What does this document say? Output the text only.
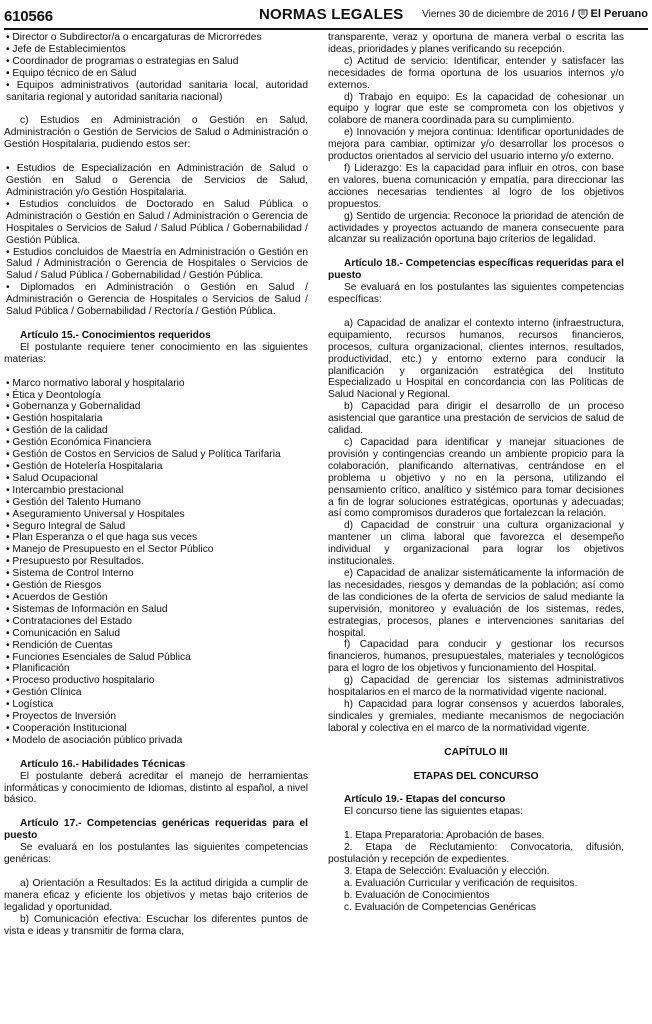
610566	NORMAS LEGALES Viernes 30 de diciembre de 2016 / El Peruano
• Director o Subdirector/a o encargaturas de Microrredes
• Jefe de Establecimientos
• Coordinador de programas o estrategias en Salud
• Equipo técnico de en Salud
• Equipos administrativos (autoridad sanitaria local, autoridad sanitaria regional y autoridad sanitaria nacional)

c) Estudios en Administración o Gestión en Salud, Administración o Gestión de Servicios de Salud o Administración o Gestión Hospitalaria, pudiendo estos ser:

• Estudios de Especialización en Administración de Salud o Gestión en Salud o Gerencia de Servicios de Salud, Administración y/o Gestión Hospitalaria.
• Estudios concluidos de Doctorado en Salud Pública o Administración o Gestión en Salud / Administración o Gerencia de Hospitales o Servicios de Salud / Salud Pública / Gobernabilidad / Gestión Pública.
• Estudios concluidos de Maestría en Administración o Gestión en Salud / Administración o Gerencia de Hospitales o Servicios de Salud / Salud Pública / Gobernabilidad / Gestión Pública.
• Diplomados en Administración o Gestión en Salud / Administración o Gerencia de Hospitales o Servicios de Salud / Salud Pública / Gobernabilidad / Rectoría / Gestión Pública.

Artículo 15.- Conocimientos requeridos

El postulante requiere tener conocimiento en las siguientes materias:

• Marco normativo laboral y hospitalario
• Ética y Deontología
• Gobernanza y Gobernalidad
• Gestión hospitalaria
• Gestión de la calidad
• Gestión Económica Financiera
• Gestión de Costos en Servicios de Salud y Política Tarifaria
• Gestión de Hotelería Hospitalaria
• Salud Ocupacional
• Intercambio prestacional
• Gestión del Talento Humano
• Aseguramiento Universal y Hospitales
• Seguro Integral de Salud
• Plan Esperanza o el que haga sus veces
• Manejo de Presupuesto en el Sector Público
• Presupuesto por Resultados.
• Sistema de Control Interno
• Gestión de Riesgos
• Acuerdos de Gestión
• Sistemas de Información en Salud
• Contrataciones del Estado
• Comunicación en Salud
• Rendición de Cuentas
• Funciones Esenciales de Salud Pública
• Planificación
• Proceso productivo hospitalario
• Gestión Clínica
• Logística
• Proyectos de Inversión
• Cooperación Institucional
• Modelo de asociación público privada

Artículo 16.- Habilidades Técnicas

El postulante deberá acreditar el manejo de herramientas informáticas y conocimiento de Idiomas, distinto al español, a nivel básico.

Artículo 17.- Competencias genéricas requeridas para el puesto

Se evaluará en los postulantes las siguientes competencias genéricas:

a) Orientación a Resultados: Es la actitud dirigida a cumplir de manera eficaz y eficiente los objetivos y metas bajo criterios de legalidad y oportunidad.

b) Comunicación efectiva: Escuchar los diferentes puntos de vista e ideas y transmitir de forma clara,

transparente, veraz y oportuna de manera verbal o escrita las ideas, prioridades y planes verificando su recepción.

c) Actitud de servicio: Identificar, entender y satisfacer las necesidades de forma oportuna de los usuarios internos y/o externos.

d) Trabajo en equipo: Es la capacidad de cohesionar un equipo y lograr que este se comprometa con los objetivos y colabore de manera coordinada para su cumplimiento.

e) Innovación y mejora continua: Identificar oportunidades de mejora para cambiar, optimizar y/o desarrollar los procesos o productos orientados al servicio del usuario interno y/o externo.

f) Liderazgo: Es la capacidad para influir en otros, con base en valores, buena comunicación y empatía, para direccionar las acciones necesarias tendientes al logro de los objetivos propuestos.

g) Sentido de urgencia: Reconoce la prioridad de atención de actividades y proyectos actuando de manera consecuente para alcanzar su realización oportuna bajo criterios de legalidad.

Artículo 18.- Competencias específicas requeridas para el puesto

Se evaluará en los postulantes las siguientes competencias específicas:

a) Capacidad de analizar el contexto interno (infraestructura, equipamiento, recursos humanos, recursos financieros, procesos, cultura organizacional, clientes internos, resultados, productividad, etc.) y entorno externo para conducir la planificación y organización estratégica del Instituto Especializado u Hospital en concordancia con las Políticas de Salud Nacional y Regional.

b) Capacidad para dirigir el desarrollo de un proceso asistencial que garantice una prestación de servicios de salud de calidad.

c) Capacidad para identificar y manejar situaciones de provisión y contingencias creando un ambiente propicio para la colaboración, planificando alternativas, centrándose en el problema u objetivo y no en la persona, utilizando el pensamiento crítico, analítico y sistémico para tomar decisiones a fin de lograr soluciones estratégicas, oportunas y adecuadas; así como compromisos duraderos que fortalezcan la relación.

d) Capacidad de construir una cultura organizacional y mantener un clima laboral que favorezca el desempeño individual y organizacional para lograr los objetivos institucionales.

e) Capacidad de analizar sistemáticamente la información de las necesidades, riesgos y demandas de la población; así como de las condiciones de la oferta de servicios de salud mediante la supervisión, monitoreo y evaluación de los sistemas, redes, estrategias, procesos, planes e intervenciones sanitarias del hospital.

f) Capacidad para conducir y gestionar los recursos financieros, humanos, presupuestales, materiales y tecnológicos para el logro de los objetivos y funcionamiento del Hospital.

g) Capacidad de gerenciar los sistemas administrativos hospitalarios en el marco de la normatividad vigente nacional.

h) Capacidad para lograr consensos y acuerdos laborales, sindicales y gremiales, mediante mecanismos de negociación laboral y colectiva en el marco de la normatividad vigente.

CAPÍTULO III

ETAPAS DEL CONCURSO

Artículo 19.- Etapas del concurso

El concurso tiene las siguientes etapas:

1. Etapa Preparatoria: Aprobación de bases.

2. Etapa de Reclutamiento: Convocatoria, difusión, postulación y recepción de expedientes.

3. Etapa de Selección: Evaluación y elección.

a. Evaluación Curricular y verificación de requisitos.

b. Evaluación de Conocimientos

c. Evaluación de Competencias Genéricas
